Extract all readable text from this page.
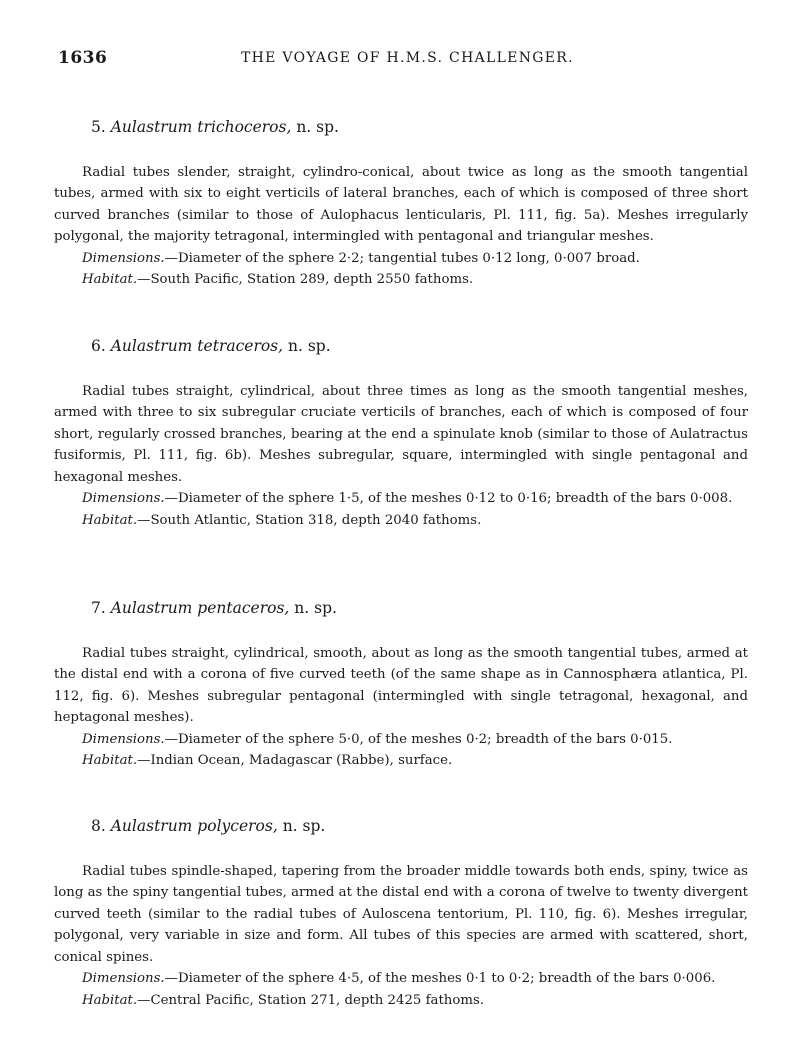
1636	THE VOYAGE OF H.M.S. CHALLENGER.
5. Aulastrum trichoceros, n. sp.

Radial tubes slender, straight, cylindro-conical, about twice as long as the smooth tangential tubes, armed with six to eight verticils of lateral branches, each of which is composed of three short curved branches (similar to those of Aulophacus lenticularis, Pl. 111, fig. 5a). Meshes irregularly polygonal, the majority tetragonal, intermingled with pentagonal and triangular meshes.

Dimensions.—Diameter of the sphere 2·2; tangential tubes 0·12 long, 0·007 broad.

Habitat.—South Pacific, Station 289, depth 2550 fathoms.

6. Aulastrum tetraceros, n. sp.

Radial tubes straight, cylindrical, about three times as long as the smooth tangential meshes, armed with three to six subregular cruciate verticils of branches, each of which is composed of four short, regularly crossed branches, bearing at the end a spinulate knob (similar to those of Aulatractus fusiformis, Pl. 111, fig. 6b). Meshes subregular, square, intermingled with single pentagonal and hexagonal meshes.

Dimensions.—Diameter of the sphere 1·5, of the meshes 0·12 to 0·16; breadth of the bars 0·008.

Habitat.—South Atlantic, Station 318, depth 2040 fathoms.

7. Aulastrum pentaceros, n. sp.

Radial tubes straight, cylindrical, smooth, about as long as the smooth tangential tubes, armed at the distal end with a corona of five curved teeth (of the same shape as in Cannosphæra atlantica, Pl. 112, fig. 6). Meshes subregular pentagonal (intermingled with single tetragonal, hexagonal, and heptagonal meshes).

Dimensions.—Diameter of the sphere 5·0, of the meshes 0·2; breadth of the bars 0·015.

Habitat.—Indian Ocean, Madagascar (Rabbe), surface.

8. Aulastrum polyceros, n. sp.

Radial tubes spindle-shaped, tapering from the broader middle towards both ends, spiny, twice as long as the spiny tangential tubes, armed at the distal end with a corona of twelve to twenty divergent curved teeth (similar to the radial tubes of Auloscena tentorium, Pl. 110, fig. 6). Meshes irregular, polygonal, very variable in size and form. All tubes of this species are armed with scattered, short, conical spines.

Dimensions.—Diameter of the sphere 4·5, of the meshes 0·1 to 0·2; breadth of the bars 0·006.

Habitat.—Central Pacific, Station 271, depth 2425 fathoms.
